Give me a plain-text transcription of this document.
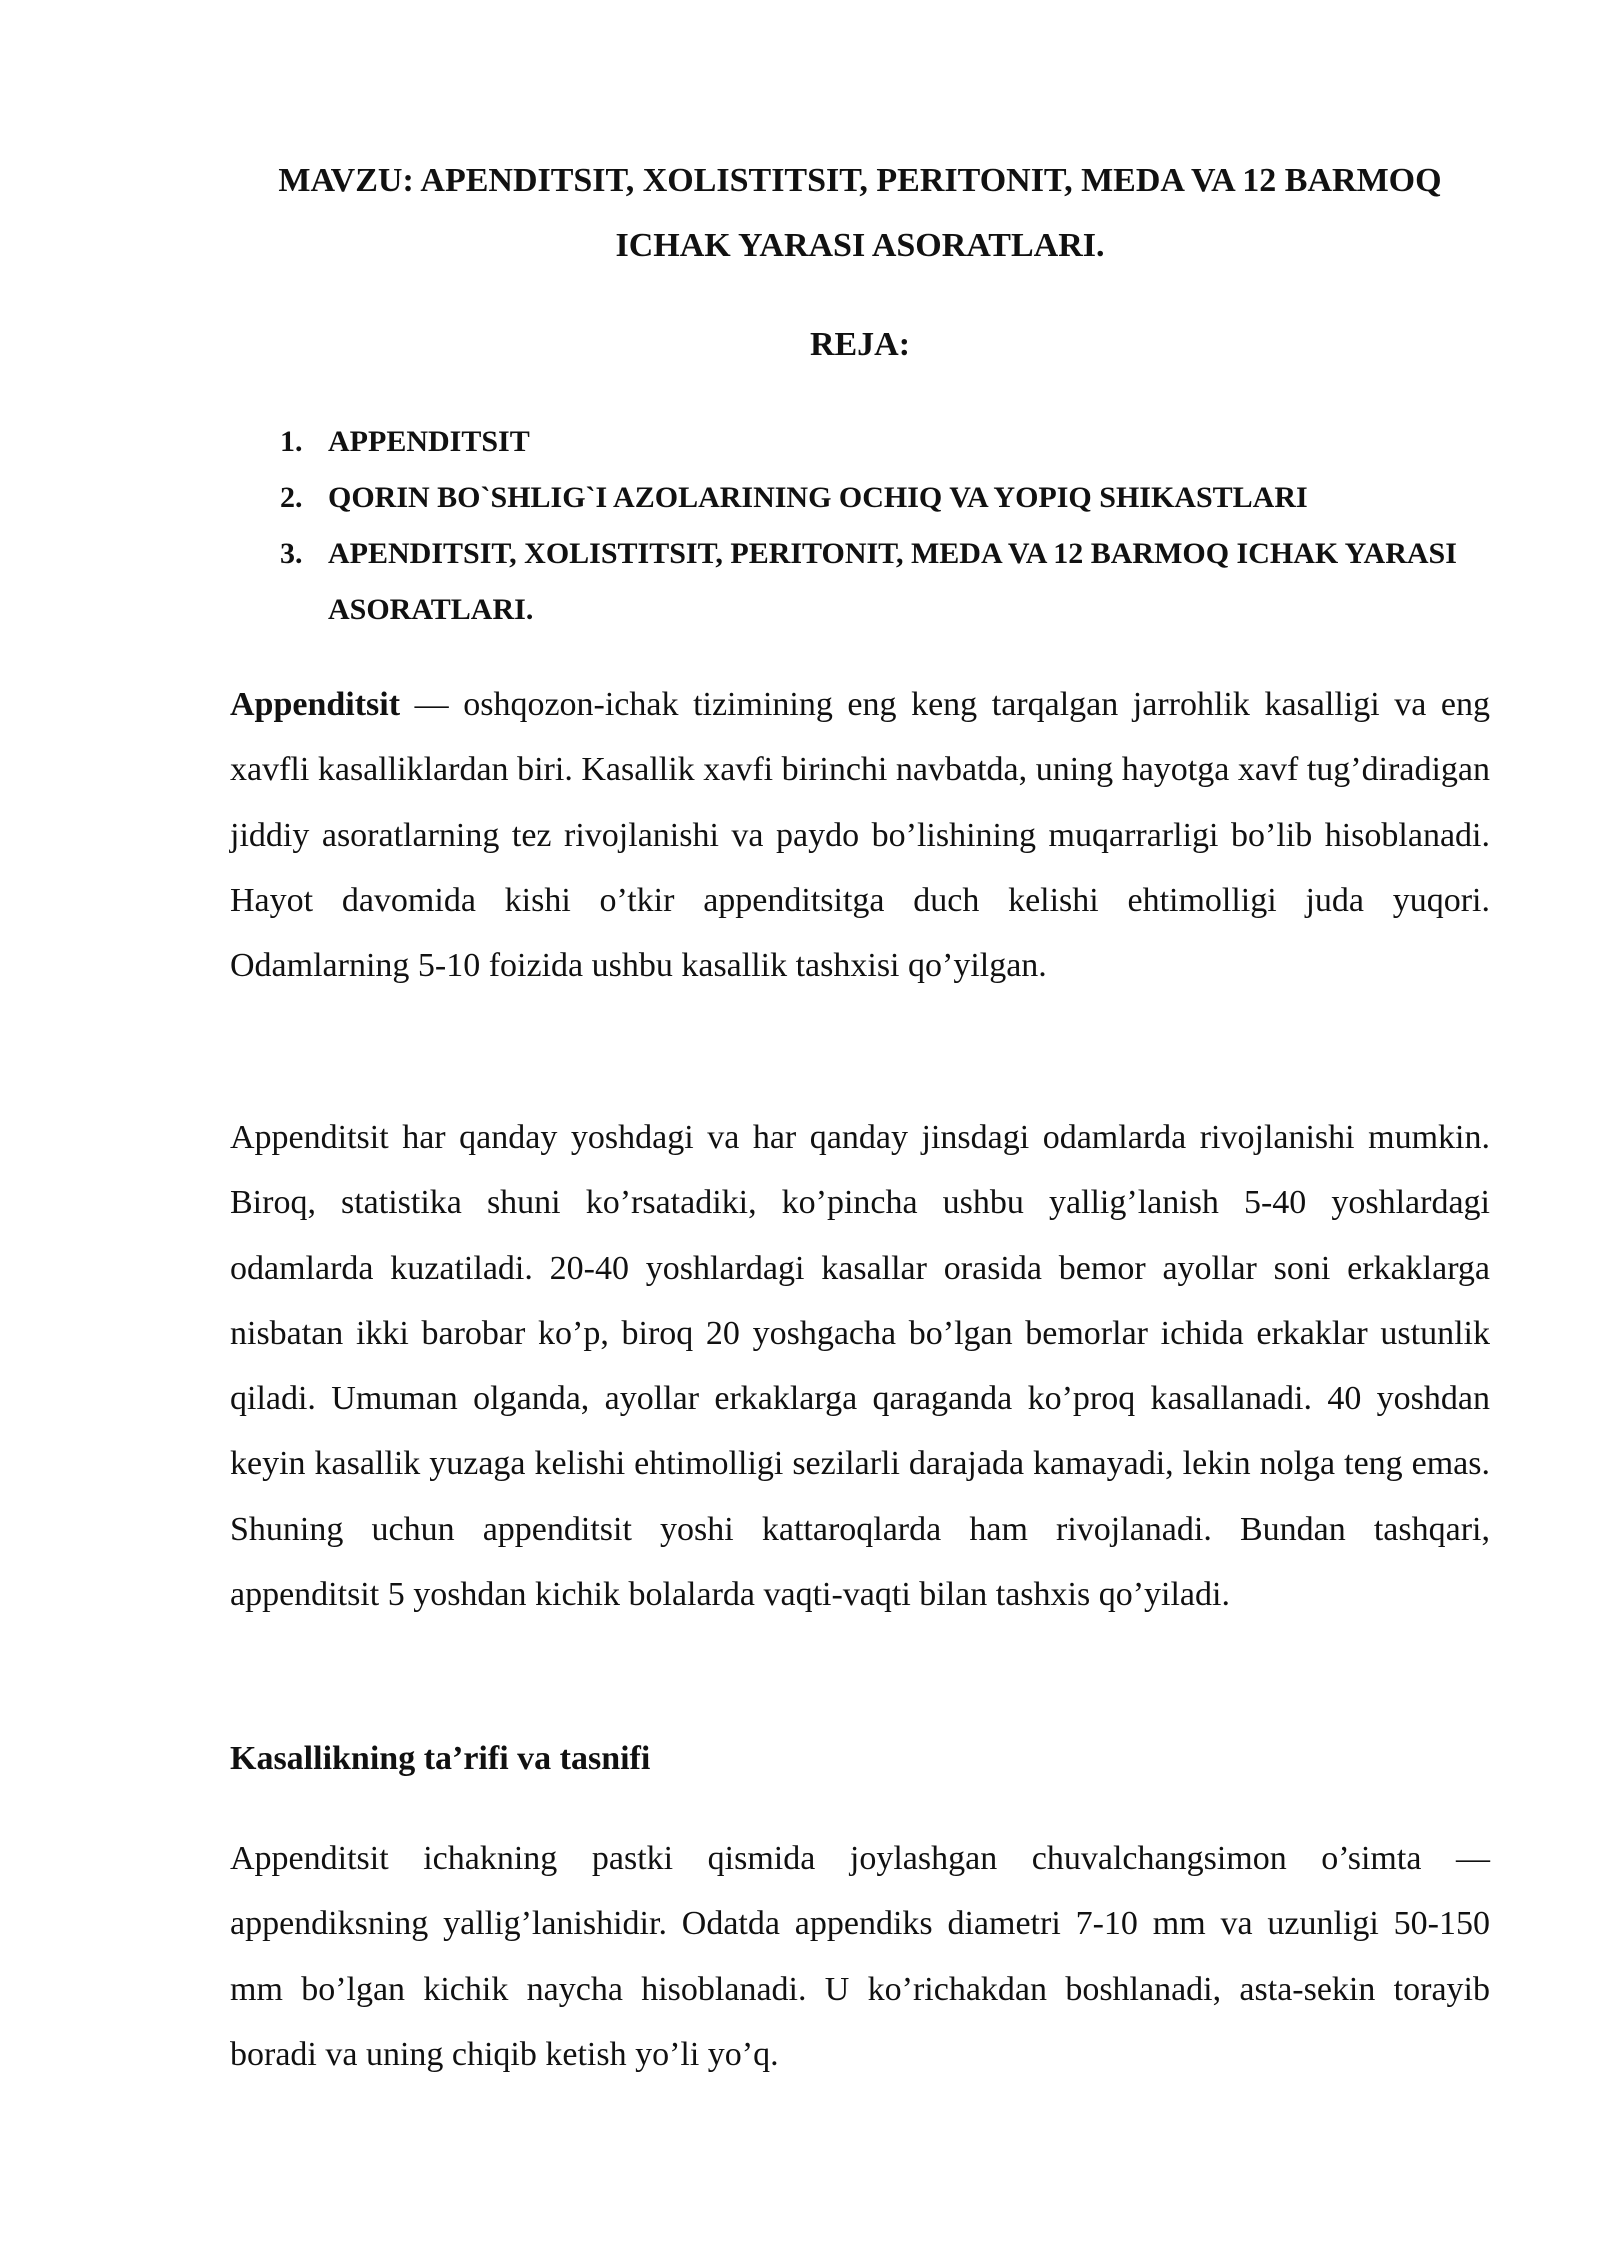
MAVZU: APENDITSIT, XOLISTITSIT, PERITONIT, MEDA VA 12 BARMOQ ICHAK YARASI ASORATLARI.
REJA:
1. APPENDITSIT
2. QORIN BO`SHLIG`I AZOLARINING OCHIQ VA YOPIQ SHIKASTLARI
3. APENDITSIT, XOLISTITSIT, PERITONIT, MEDA VA 12 BARMOQ ICHAK YARASI ASORATLARI.

Appenditsit — oshqozon-ichak tizimining eng keng tarqalgan jarrohlik kasalligi va eng xavfli kasalliklardan biri. Kasallik xavfi birinchi navbatda, uning hayotga xavf tug’diradigan jiddiy asoratlarning tez rivojlanishi va paydo bo’lishining muqarrarligi bo’lib hisoblanadi. Hayot davomida kishi o’tkir appenditsitga duch kelishi ehtimolligi juda yuqori. Odamlarning 5-10 foizida ushbu kasallik tashxisi qo’yilgan.

Appenditsit har qanday yoshdagi va har qanday jinsdagi odamlarda rivojlanishi mumkin. Biroq, statistika shuni ko’rsatadiki, ko’pincha ushbu yallig’lanish 5-40 yoshlardagi odamlarda kuzatiladi. 20-40 yoshlardagi kasallar orasida bemor ayollar soni erkaklarga nisbatan ikki barobar ko’p, biroq 20 yoshgacha bo’lgan bemorlar ichida erkaklar ustunlik qiladi. Umuman olganda, ayollar erkaklarga qaraganda ko’proq kasallanadi. 40 yoshdan keyin kasallik yuzaga kelishi ehtimolligi sezilarli darajada kamayadi, lekin nolga teng emas. Shuning uchun appenditsit yoshi kattaroqlarda ham rivojlanadi. Bundan tashqari, appenditsit 5 yoshdan kichik bolalarda vaqti-vaqti bilan tashxis qo’yiladi.

Kasallikning ta’rifi va tasnifi

Appenditsit ichakning pastki qismida joylashgan chuvalchangsimon o’simta — appendiksning yallig’lanishidir. Odatda appendiks diametri 7-10 mm va uzunligi 50-150 mm bo’lgan kichik naycha hisoblanadi. U ko’richakdan boshlanadi, asta-sekin torayib boradi va uning chiqib ketish yo’li yo’q.
